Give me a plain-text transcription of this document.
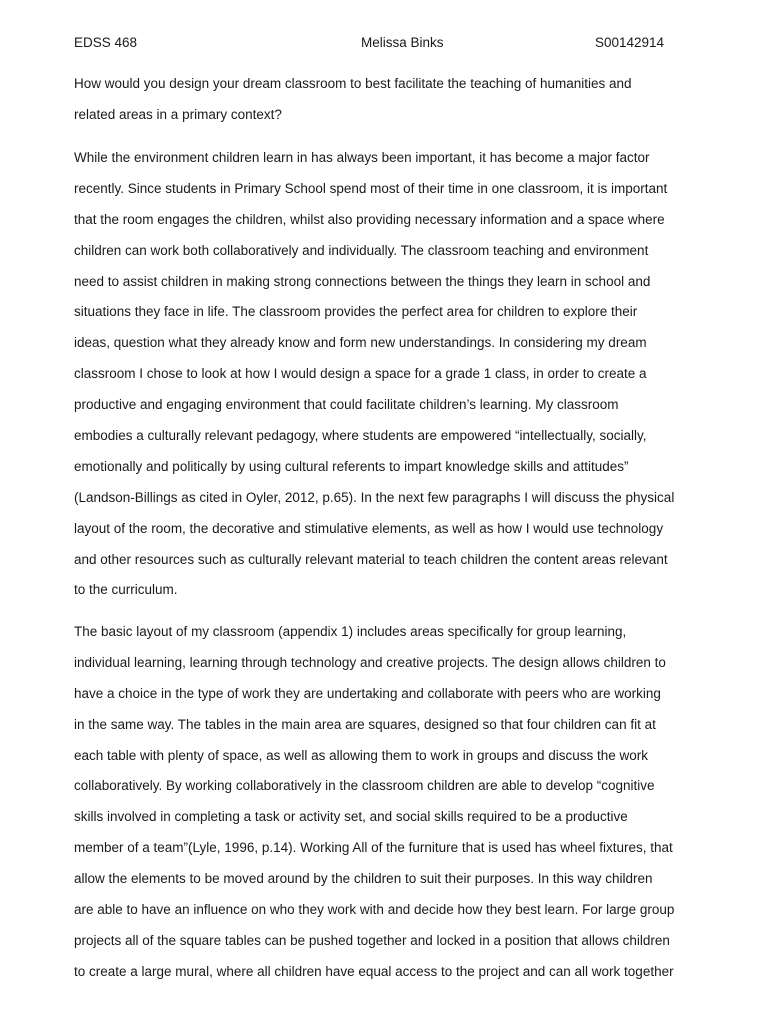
EDSS 468	Melissa Binks	S00142914
How would you design your dream classroom to best facilitate the teaching of humanities and
related areas in a primary context?
While the environment children learn in has always been important, it has become a major factor
recently. Since students in Primary School spend most of their time in one classroom, it is important
that the room engages the children, whilst also providing necessary information and a space where
children can work both collaboratively and individually. The classroom teaching and environment
need to assist children in making strong connections between the things they learn in school and
situations they face in life. The classroom provides the perfect area for children to explore their
ideas, question what they already know and form new understandings. In considering my dream
classroom I chose to look at how I would design a space for a grade 1 class, in order to create a
productive and engaging environment that could facilitate children’s learning. My classroom
embodies a culturally relevant pedagogy, where students are empowered “intellectually, socially,
emotionally and politically by using cultural referents to impart knowledge skills and attitudes”
(Landson-Billings as cited in Oyler, 2012, p.65). In the next few paragraphs I will discuss the physical
layout of the room, the decorative and stimulative elements, as well as how I would use technology
and other resources such as culturally relevant material to teach children the content areas relevant
to the curriculum.
The basic layout of my classroom (appendix 1) includes areas specifically for group learning,
individual learning, learning through technology and creative projects. The design allows children to
have a choice in the type of work they are undertaking and collaborate with peers who are working
in the same way. The tables in the main area are squares, designed so that four children can fit at
each table with plenty of space, as well as allowing them to work in groups and discuss the work
collaboratively. By working collaboratively in the classroom children are able to develop “cognitive
skills involved in completing a task or activity set, and social skills required to be a productive
member of a team”(Lyle, 1996, p.14). Working All of the furniture that is used has wheel fixtures, that
allow the elements to be moved around by the children to suit their purposes. In this way children
are able to have an influence on who they work with and decide how they best learn. For large group
projects all of the square tables can be pushed together and locked in a position that allows children
to create a large mural, where all children have equal access to the project and can all work together
